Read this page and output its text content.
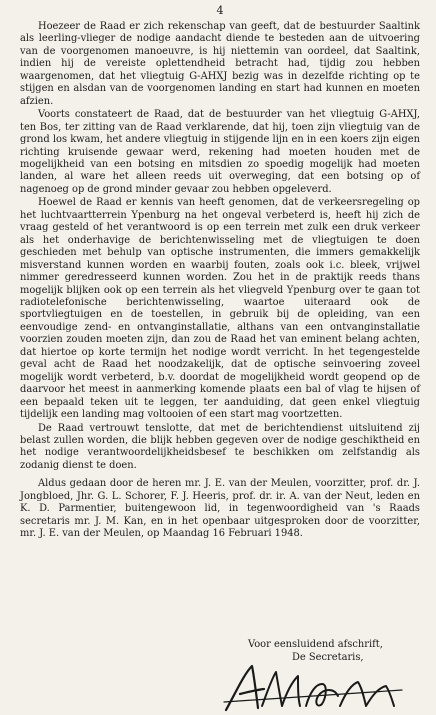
4

Hoezeer de Raad er zich rekenschap van geeft, dat de bestuurder Saaltink als leerling-vlieger de nodige aandacht diende te besteden aan de uitvoering van de voorgenomen manoeuvre, is hij niettemin van oordeel, dat Saaltink, indien hij de vereiste oplettendheid betracht had, tijdig zou hebben waargenomen, dat het vliegtuig G-AHXJ bezig was in dezelfde richting op te stijgen en alsdan van de voorgenomen landing en start had kunnen en moeten afzien.

Voorts constateert de Raad, dat de bestuurder van het vliegtuig G-AHXJ, ten Bos, ter zitting van de Raad verklarende, dat hij, toen zijn vliegtuig van de grond los kwam, het andere vliegtuig in stijgende lijn en in een koers zijn eigen richting kruisende gewaar werd, rekening had moeten houden met de mogelijkheid van een botsing en mitsdien zo spoedig mogelijk had moeten landen, al ware het alleen reeds uit overweging, dat een botsing op of nagenoeg op de grond minder gevaar zou hebben opgeleverd.

Hoewel de Raad er kennis van heeft genomen, dat de verkeersregeling op het luchtvaartterrein Ypenburg na het ongeval verbeterd is, heeft hij zich de vraag gesteld of het verantwoord is op een terrein met zulk een druk verkeer als het onderhavige de berichtenwisseling met de vliegtuigen te doen geschieden met behulp van optische instrumenten, die immers gemakkelijk misverstand kunnen worden en waarbij fouten, zoals ook i.c. bleek, vrijwel nimmer geredresseerd kunnen worden. Zou het in de praktijk reeds thans mogelijk blijken ook op een terrein als het vliegveld Ypenburg over te gaan tot radiotelefonische berichtenwisseling, waartoe uiteraard ook de sportvliegtuigen en de toestellen, in gebruik bij de opleiding, van een eenvoudige zend- en ontvanginstallatie, althans van een ontvanginstallatie voorzien zouden moeten zijn, dan zou de Raad het van eminent belang achten, dat hiertoe op korte termijn het nodige wordt verricht. In het tegengestelde geval acht de Raad het noodzakelijk, dat de optische seinvoering zoveel mogelijk wordt verbeterd, b.v. doordat de mogelijkheid wordt geopend op de daarvoor het meest in aanmerking komende plaats een bal of vlag te hijsen of een bepaald teken uit te leggen, ter aanduiding, dat geen enkel vliegtuig tijdelijk een landing mag voltooien of een start mag voortzetten.

De Raad vertrouwt tenslotte, dat met de berichtendienst uitsluitend zij belast zullen worden, die blijk hebben gegeven over de nodige geschiktheid en het nodige verantwoordelijkheidsbesef te beschikken om zelfstandig als zodanig dienst te doen.

Aldus gedaan door de heren mr. J. E. van der Meulen, voorzitter, prof. dr. J. Jongbloed, Jhr. G. L. Schorer, F. J. Heeris, prof. dr. ir. A. van der Neut, leden en K. D. Parmentier, buitengewoon lid, in tegenwoordigheid van 's Raads secretaris mr. J. M. Kan, en in het openbaar uitgesproken door de voorzitter, mr. J. E. van der Meulen, op Maandag 16 Februari 1948.

Voor eensluidend afschrift,
De Secretaris,
